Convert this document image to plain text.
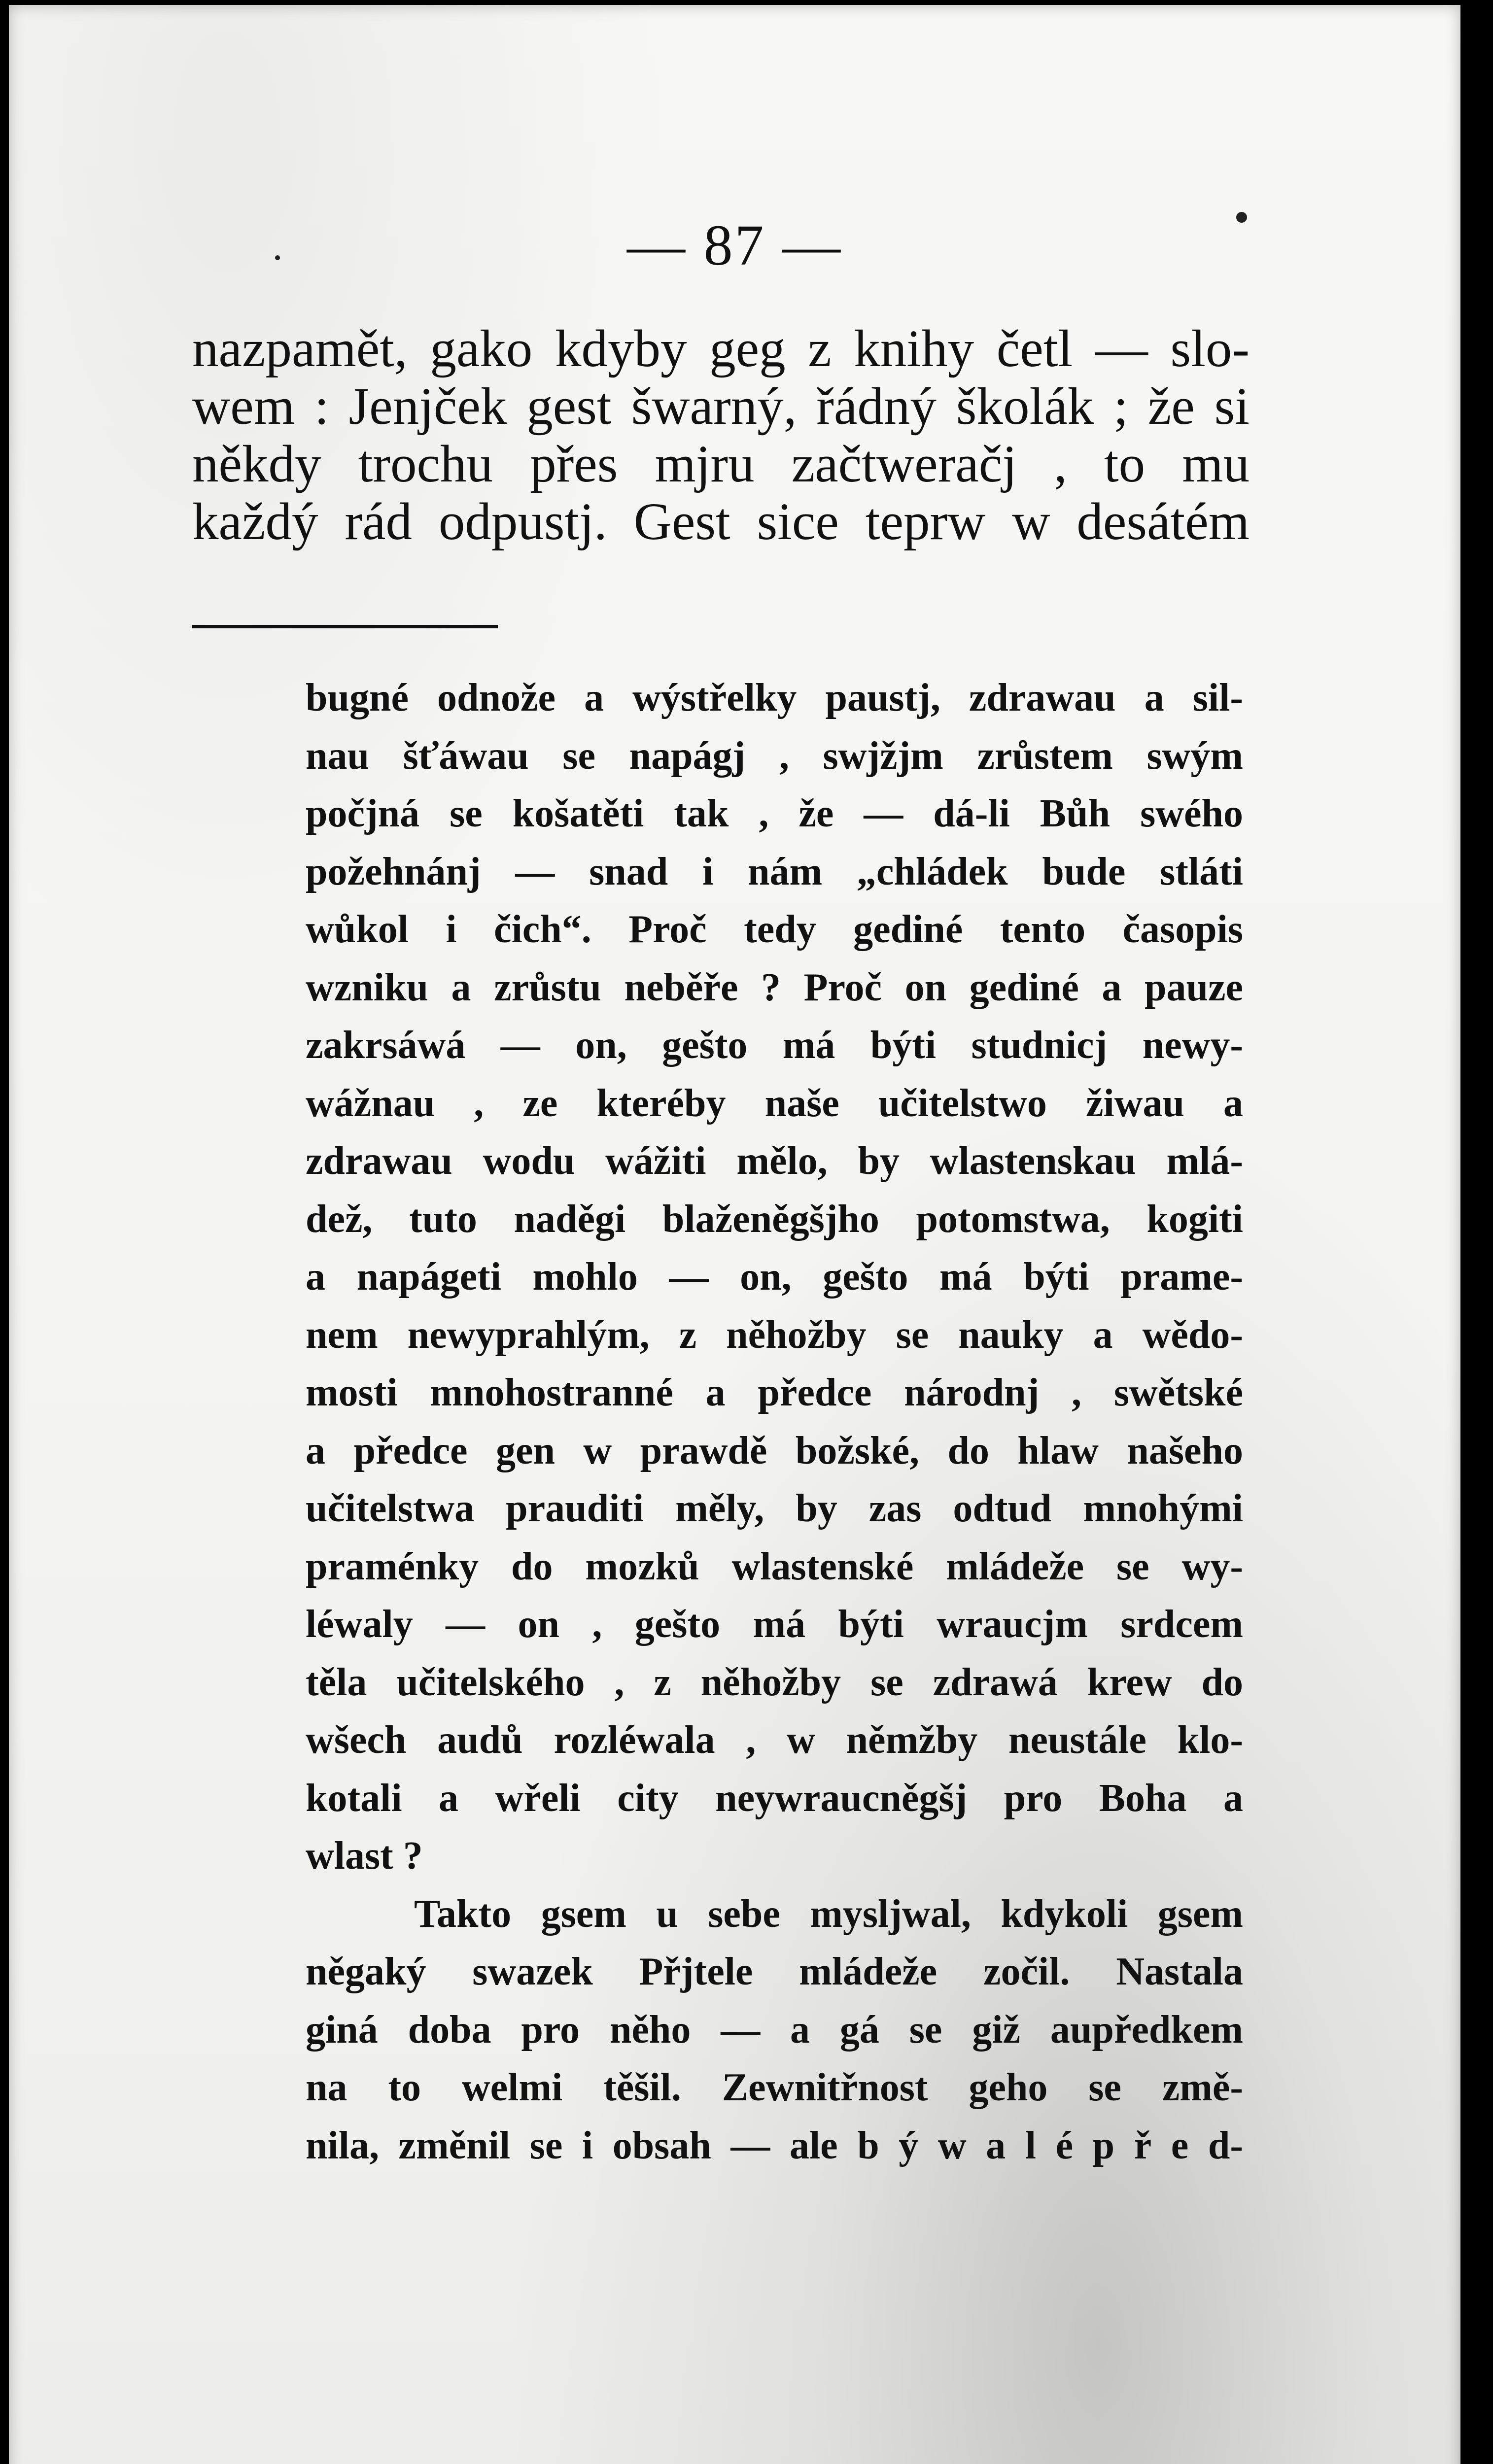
— 87 —
nazpamět, gako kdyby geg z knihy četl — slo-
wem : Jenjček gest šwarný, řádný školák ; že si
někdy trochu přes mjru začtweračj , to mu
každý rád odpustj. Gest sice teprw w desátém
bugné odnože a wýstřelky paustj, zdrawau a sil-
nau šťáwau se napágj , swjžjm zrůstem swým
počjná se košatěti tak , že — dá-li Bůh swého
požehnánj — snad i nám „chládek bude stláti
wůkol i čich“. Proč tedy gediné tento časopis
wzniku a zrůstu neběře ? Proč on gediné a pauze
zakrsáwá — on, gešto má býti studnicj newy-
wážnau , ze kteréby naše učitelstwo žiwau a
zdrawau wodu wážiti mělo, by wlastenskau mlá-
dež, tuto naděgi blaženěgšjho potomstwa, kogiti
a napágeti mohlo — on, gešto má býti prame-
nem newyprahlým, z něhožby se nauky a wědo-
mosti mnohostranné a předce národnj , swětské
a předce gen w prawdě božské, do hlaw našeho
učitelstwa prauditi měly, by zas odtud mnohými
praménky do mozků wlastenské mládeže se wy-
léwaly — on , gešto má býti wraucjm srdcem
těla učitelského , z něhožby se zdrawá krew do
wšech audů rozléwala , w němžby neustále klo-
kotali a wřeli city neywraucněgšj pro Boha a
wlast ?
Takto gsem u sebe mysljwal, kdykoli gsem
něgaký swazek Přjtele mládeže zočil. Nastala
giná doba pro něho — a gá se giž aupředkem
na to welmi těšil. Zewnitřnost geho se změ-
nila, změnil se i obsah — ale b ý w a l é p ř e d-
